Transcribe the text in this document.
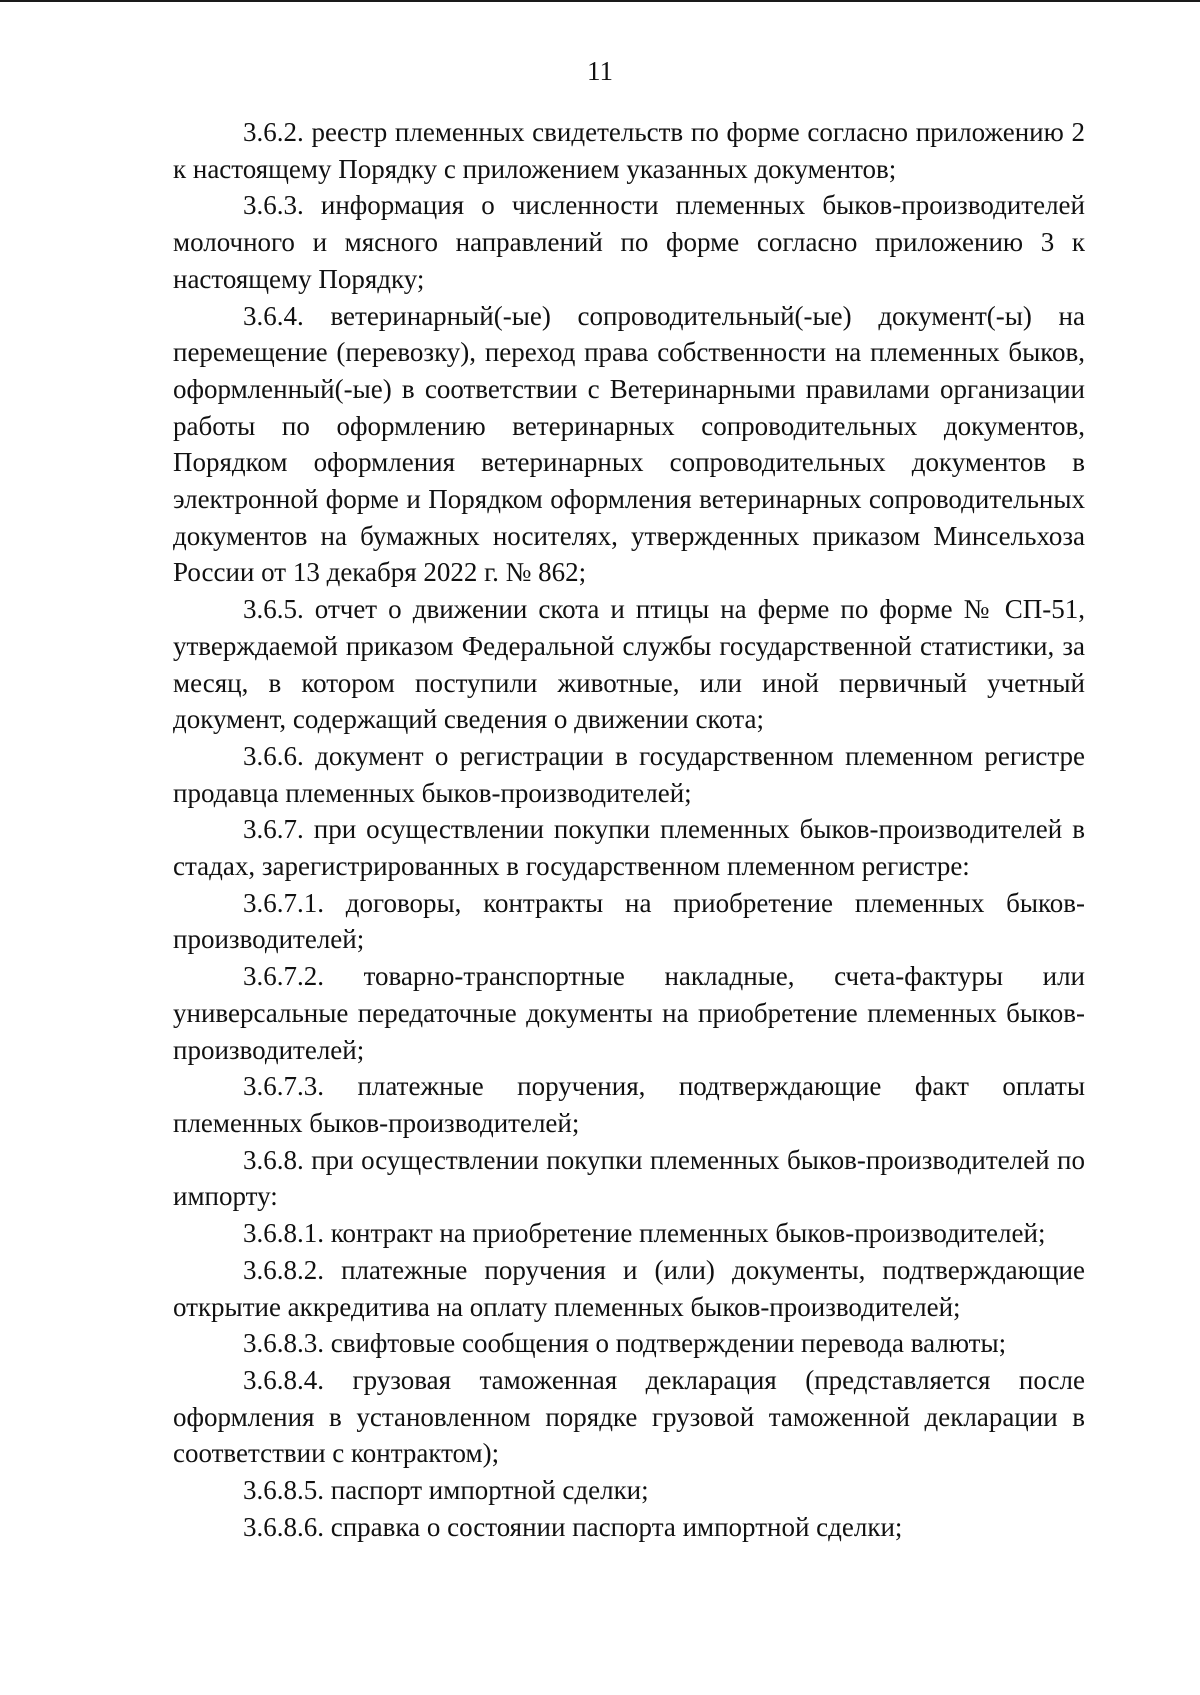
11

3.6.2. реестр племенных свидетельств по форме согласно приложению 2 к настоящему Порядку с приложением указанных документов;

3.6.3. информация о численности племенных быков-производителей молочного и мясного направлений по форме согласно приложению 3 к настоящему Порядку;

3.6.4. ветеринарный(-ые) сопроводительный(-ые) документ(-ы) на перемещение (перевозку), переход права собственности на племенных быков, оформленный(-ые) в соответствии с Ветеринарными правилами организации работы по оформлению ветеринарных сопроводительных документов, Порядком оформления ветеринарных сопроводительных документов в электронной форме и Порядком оформления ветеринарных сопроводительных документов на бумажных носителях, утвержденных приказом Минсельхоза России от 13 декабря 2022 г. № 862;

3.6.5. отчет о движении скота и птицы на ферме по форме № СП-51, утверждаемой приказом Федеральной службы государственной статистики, за месяц, в котором поступили животные, или иной первичный учетный документ, содержащий сведения о движении скота;

3.6.6. документ о регистрации в государственном племенном регистре продавца племенных быков-производителей;

3.6.7. при осуществлении покупки племенных быков-производителей в стадах, зарегистрированных в государственном племенном регистре:

3.6.7.1. договоры, контракты на приобретение племенных быков-производителей;

3.6.7.2. товарно-транспортные накладные, счета-фактуры или универсальные передаточные документы на приобретение племенных быков-производителей;

3.6.7.3. платежные поручения, подтверждающие факт оплаты племенных быков-производителей;

3.6.8. при осуществлении покупки племенных быков-производителей по импорту:

3.6.8.1. контракт на приобретение племенных быков-производителей;

3.6.8.2. платежные поручения и (или) документы, подтверждающие открытие аккредитива на оплату племенных быков-производителей;

3.6.8.3. свифтовые сообщения о подтверждении перевода валюты;

3.6.8.4. грузовая таможенная декларация (представляется после оформления в установленном порядке грузовой таможенной декларации в соответствии с контрактом);

3.6.8.5. паспорт импортной сделки;

3.6.8.6. справка о состоянии паспорта импортной сделки;
